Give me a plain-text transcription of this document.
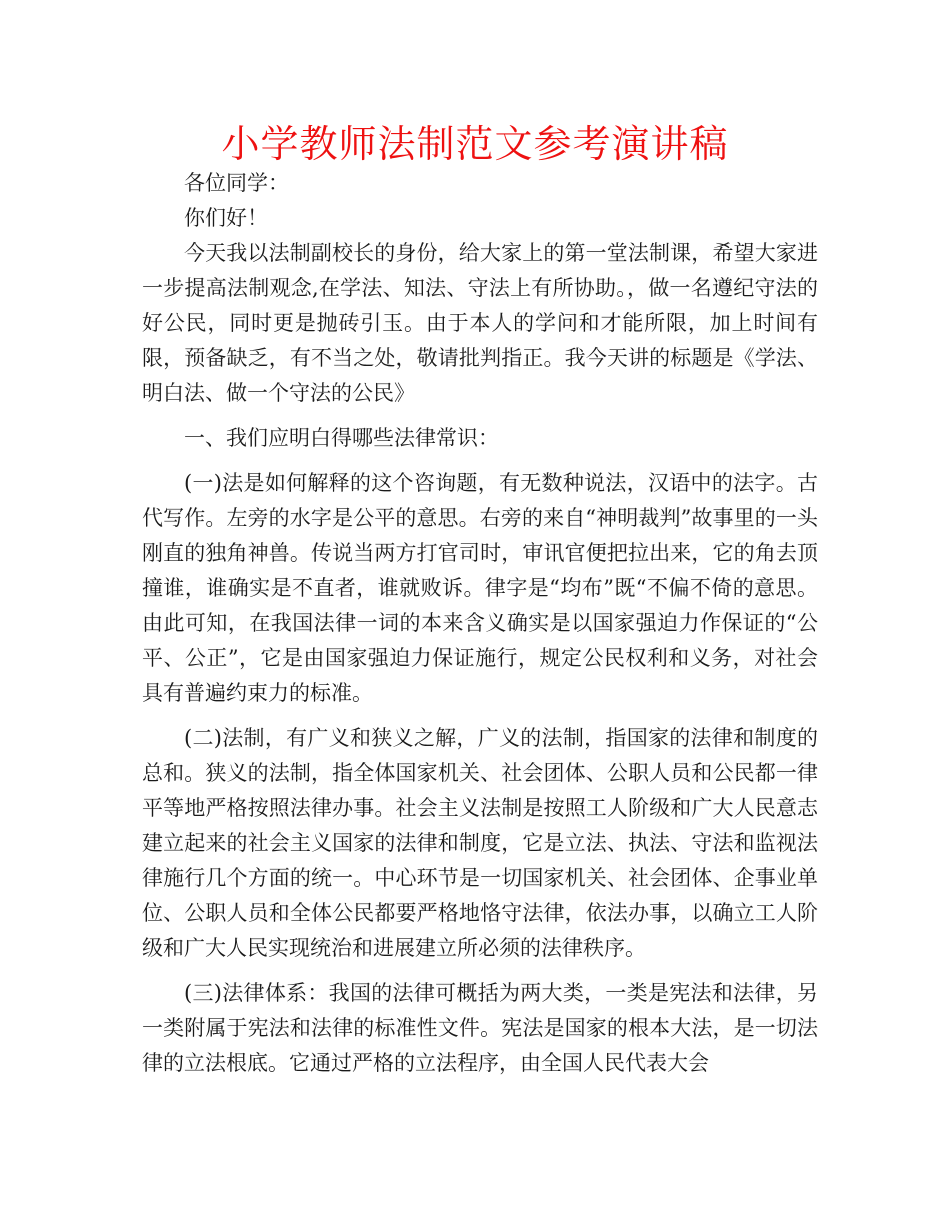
小学教师法制范文参考演讲稿

各位同学：

你们好！

今天我以法制副校长的身份，给大家上的第一堂法制课，希望大家进一步提高法制观念,在学法、知法、守法上有所协助。，做一名遵纪守法的好公民，同时更是抛砖引玉。由于本人的学问和才能所限，加上时间有限，预备缺乏，有不当之处，敬请批判指正。我今天讲的标题是《学法、明白法、做一个守法的公民》

一、我们应明白得哪些法律常识：

(一)法是如何解释的这个咨询题，有无数种说法，汉语中的法字。古代写作。左旁的水字是公平的意思。右旁的来自“神明裁判”故事里的一头刚直的独角神兽。传说当两方打官司时，审讯官便把拉出来，它的角去顶撞谁，谁确实是不直者，谁就败诉。律字是“均布”既“不偏不倚的意思。由此可知，在我国法律一词的本来含义确实是以国家强迫力作保证的“公平、公正”，它是由国家强迫力保证施行，规定公民权利和义务，对社会具有普遍约束力的标准。

(二)法制，有广义和狭义之解，广义的法制，指国家的法律和制度的总和。狭义的法制，指全体国家机关、社会团体、公职人员和公民都一律平等地严格按照法律办事。社会主义法制是按照工人阶级和广大人民意志建立起来的社会主义国家的法律和制度，它是立法、执法、守法和监视法律施行几个方面的统一。中心环节是一切国家机关、社会团体、企事业单位、公职人员和全体公民都要严格地恪守法律，依法办事，以确立工人阶级和广大人民实现统治和进展建立所必须的法律秩序。

(三)法律体系：我国的法律可概括为两大类，一类是宪法和法律，另一类附属于宪法和法律的标准性文件。宪法是国家的根本大法，是一切法律的立法根底。它通过严格的立法程序，由全国人民代表大会
